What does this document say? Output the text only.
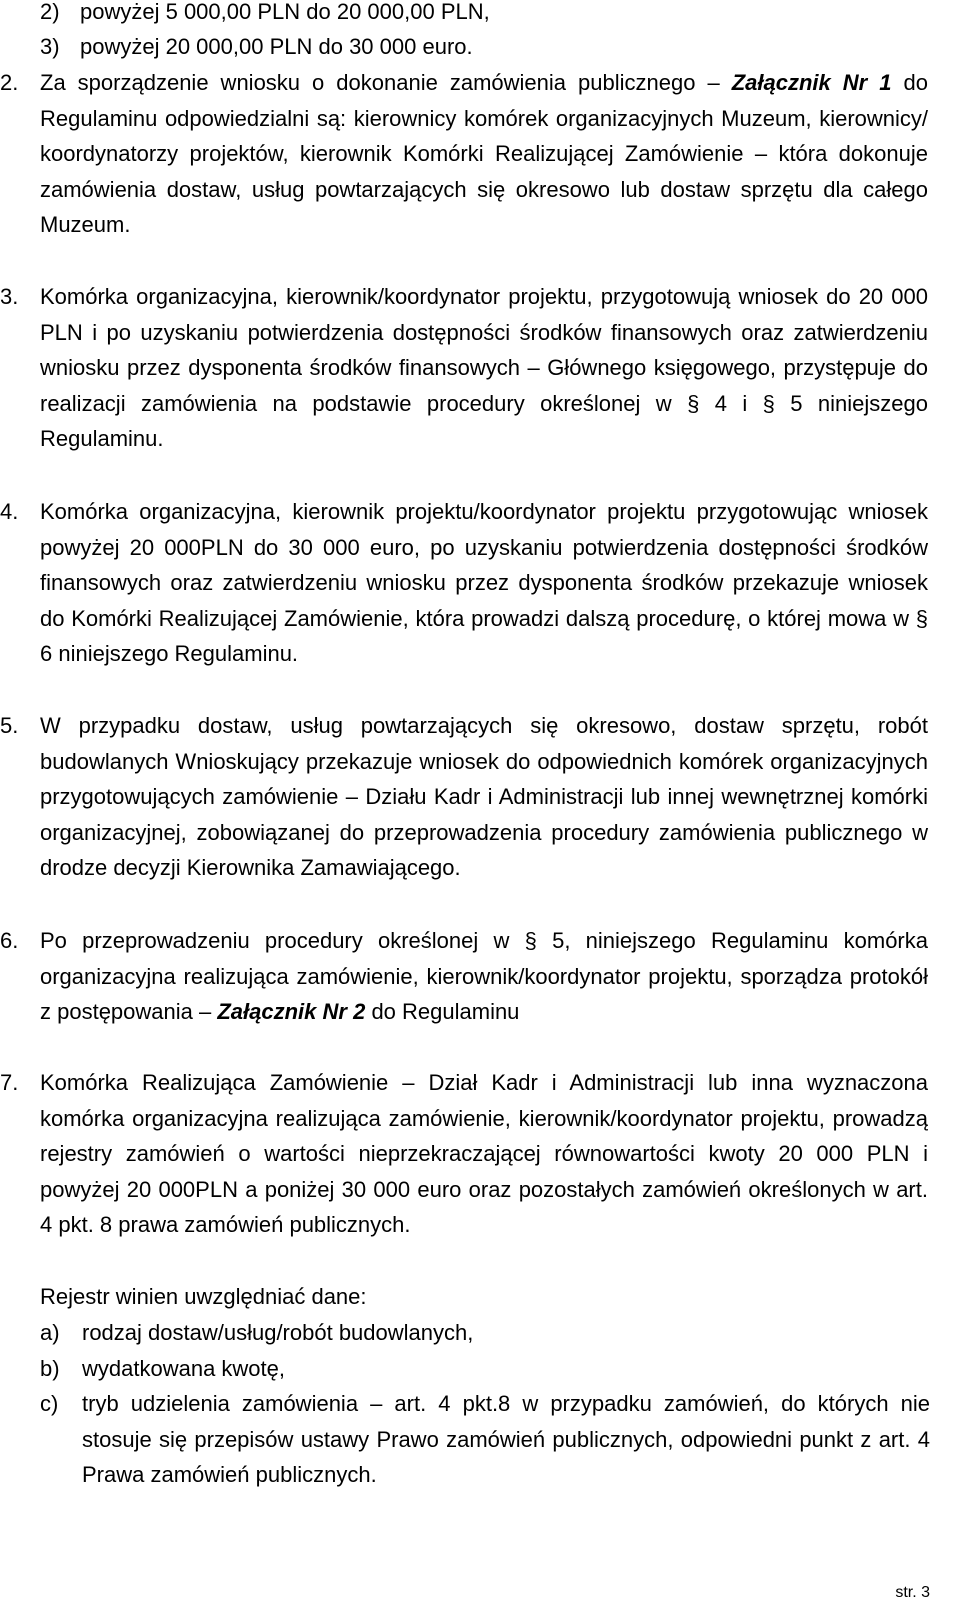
2) powyżej 5 000,00 PLN do 20 000,00 PLN,
3) powyżej 20 000,00 PLN do 30 000 euro.
2. Za sporządzenie wniosku o dokonanie zamówienia publicznego – Załącznik Nr 1 do Regulaminu odpowiedzialni są: kierownicy komórek organizacyjnych Muzeum, kierownicy/ koordynatorzy projektów, kierownik Komórki Realizującej Zamówienie – która dokonuje zamówienia dostaw, usług powtarzających się okresowo lub dostaw sprzętu dla całego Muzeum.
3. Komórka organizacyjna, kierownik/koordynator projektu, przygotowują wniosek do 20 000 PLN i po uzyskaniu potwierdzenia dostępności środków finansowych oraz zatwierdzeniu wniosku przez dysponenta środków finansowych – Głównego księgowego, przystępuje do realizacji zamówienia na podstawie procedury określonej w § 4 i § 5 niniejszego Regulaminu.
4. Komórka organizacyjna, kierownik projektu/koordynator projektu przygotowując wniosek powyżej 20 000PLN do 30 000 euro, po uzyskaniu potwierdzenia dostępności środków finansowych oraz zatwierdzeniu wniosku przez dysponenta środków przekazuje wniosek do Komórki Realizującej Zamówienie, która prowadzi dalszą procedurę, o której mowa w § 6 niniejszego Regulaminu.
5. W przypadku dostaw, usług powtarzających się okresowo, dostaw sprzętu, robót budowlanych Wnioskujący przekazuje wniosek do odpowiednich komórek organizacyjnych przygotowujących zamówienie – Działu Kadr i Administracji lub innej wewnętrznej komórki organizacyjnej, zobowiązanej do przeprowadzenia procedury zamówienia publicznego w drodze decyzji Kierownika Zamawiającego.
6. Po przeprowadzeniu procedury określonej w § 5, niniejszego Regulaminu komórka organizacyjna realizująca zamówienie, kierownik/koordynator projektu, sporządza protokół z postępowania – Załącznik Nr 2 do Regulaminu
7. Komórka Realizująca Zamówienie – Dział Kadr i Administracji lub inna wyznaczona komórka organizacyjna realizująca zamówienie, kierownik/koordynator projektu, prowadzą rejestry zamówień o wartości nieprzekraczającej równowartości kwoty 20 000 PLN i powyżej 20 000PLN a poniżej 30 000 euro oraz pozostałych zamówień określonych w art. 4 pkt. 8 prawa zamówień publicznych.
Rejestr winien uwzględniać dane:
a) rodzaj dostaw/usług/robót budowlanych,
b) wydatkowana kwotę,
c) tryb udzielenia zamówienia – art. 4 pkt.8 w przypadku zamówień, do których nie stosuje się przepisów ustawy Prawo zamówień publicznych, odpowiedni punkt z art. 4 Prawa zamówień publicznych.
str. 3
